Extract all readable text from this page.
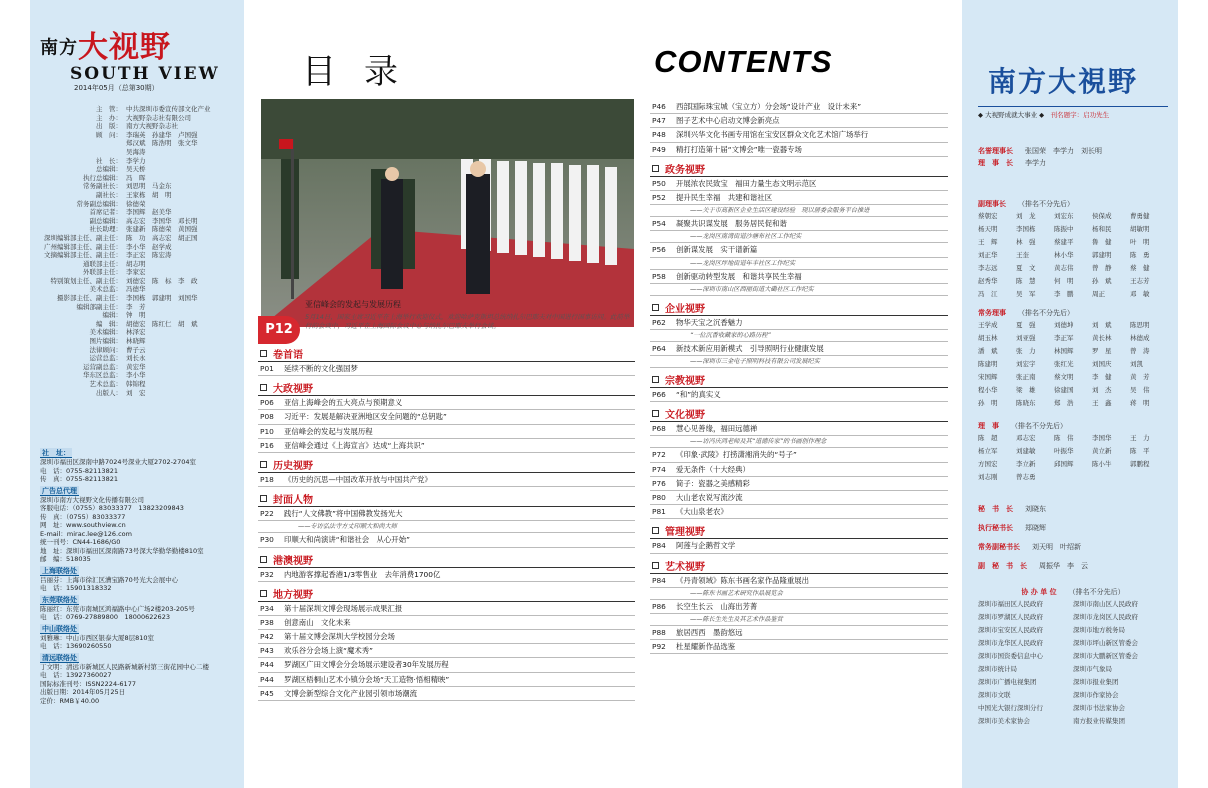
南方大视野
SOUTH VIEW
2014年05月（总第30期）
主　管： 中共深圳市委宣传部文化产业
主　办： 大视野杂志社有限公司
出　版： 南方大视野杂志社
顾　问： 李瑞英　孙建华　卢国强
郑汉斌　陈浩明　张文华
吴海涛
社　长： 李学力
总编辑： 吴天桥
执行总编辑： 冯　晖
常务副社长： 刘思明　马金东
副社长： 王家栋　胡　明
常务副总编辑： 徐德荣
首席记者： 李国辉　赵美华
副总编辑： 高志宏　李国华　邓长明
社长助理： 张建新　陈德荣　黄国强
深圳编辑部主任、副主任： 陈　功　高志宏　胡正国
广州编辑部主任、副主任： 李小华　赵学成
文摘编辑部主任、副主任： 李正宏　陈宏涛
通联部主任： 胡志明
外联部主任： 李家宏
特别策划主任、副主任： 刘德宏　陈　标　李　政
美术总监： 冯德华
摄影部主任、副主任： 李国栋　郭建明　刘国华
编辑部副主任： 李　芳
编辑： 钟　明
编　辑： 胡德宏　陈红仁　胡　斌
美术编辑： 林泽宏
图片编辑： 林晓辉
法律顾问： 曹子云
运营总监： 刘长永
运营副总监： 黄宏华
华东区总监： 李小华
艺术总监： 韩锦程
出版人： 刘　宏
社　址：
深圳市福田区深南中路7024号深业大厦2702-2704室
电　话：0755-82113821
传　真：0755-82113821
广告总代理
深圳市南方大视野文化传播有限公司
客服电话：（0755）83033377　13823209843
传　真：（0755）83033377
网　址：www.southview.cn
E-mail：mirac.lee@126.com
统一刊号：CN44-1686/G0
地　址：深圳市福田区深南路73号深大华勤华勤楼810室
邮　编：518035
上海联络处
吕丽芬：上海市徐汇区漕宝路70号光大会展中心
电　话：15901318332
东莞联络处
陈丽红：东莞市南城区鸿福路中心广场2楼203-205号
电　话：0769-27889800　18000622623
中山联络处
刘雅琳：中山市西区银泰大厦8层810室
电　话：13690260550
清远联络处
丁文明：清远市新城区人民路新城新村第三街花园中心二楼
电　话：13927360027
国际标准刊号：ISSN2224-6177
出版日期：2014年05月25日
定价：RMB￥40.00
目录	CONTENTS
P12
亚信峰会的发起与发展历程
5月14日，国家主席习近平在上海举行欢迎仪式，欢迎哈萨克斯坦总统纳扎尔巴耶夫对中国进行国事访问。此前举行的会谈中，习近平在上海国际会议中心与纳扎尔巴耶夫举行会谈。
卷首语
P01	延续不断的文化强国梦
大政视野
P06	亚信上海峰会的五大亮点与预期意义
P08	习近平：发展是解决亚洲地区安全问题的“总钥匙”
P10	亚信峰会的发起与发展历程
P16	亚信峰会通过《上海宣言》达成“上海共识”
历史视野
P18	《历史的沉思—中国改革开放与中国共产党》
封面人物
P22	践行“人文佛教”将中国佛教发扬光大
——专访弘法寺方丈印顺大和尚大师
P30	印顺大和尚演讲“和谐社会　从心开始”
港澳视野
P32	内地游客撑起香港1/3零售业　去年消费1700亿
地方视野
P34	第十届深圳文博会现场展示成果汇报
P38	创意南山　文化未来
P42	第十届文博会深圳大学校园分会场
P43	欢乐谷分会场上演“魔术秀”
P44	罗湖区广田文博会分会场展示建设者30年发展历程
P44	罗湖区梧桐山艺术小镇分会场“天工造物·悟相精映”
P45	文博会新型综合文化产业园引领市场潮流
P46	西部国际珠宝城（宝立方）分会场“设计产业　设计未来”
P47	图子艺术中心启动文博会新亮点
P48	深圳兴华文化书画专用馆在宝安区群众文化艺术馆广场举行
P49	精打打造第十届“文博会”唯一瓷器专场
政务视野
P50	开展浓农民致宝　福田力量生态文明示范区
P52	提升民生幸福　共建和谐社区
——关于市高新区企业生活区建设经验　现以居委会服务平台推进
P54	凝聚共识谋发展　服务居民促和谐
——龙岗区南湾街道沙塘布社区工作纪实
P56	创新谋发展　实干谱新篇
——龙岗区坪地街道年丰社区工作纪实
P58	创新驱动转型发展　和谐共享民生幸福
——深圳市南山区西丽街道大磡社区工作纪实
企业视野
P62	物华天宝之沉香魅力
“一位沉香收藏家的心路历程”
P64	新技术新应用新模式　引导照明行业健康发展
——深圳市三金电子照明科技有限公司发展纪实
宗教视野
P66	“和”的真实义
文化视野
P68	慧心见善缘，福田远德禅
——访冯庆鸿老师及其“道德传家”的书画创作理念
P72	《印象·武陵》打捞潇湘消失的“号子”
P74	爱无条件（十大经典）
P76	简子：瓷器之美感精彩
P80	大山老农说写流沙流
P81	《大山泉老农》
管理视野
P84	阿莲与企鹅哲文学
艺术视野
P84	《丹青领域》陈东书画名家作品隆重展出
——陈东书画艺术研究作品展览会
P86	长空生长云　山海出芳菁
——陈长生先生及其艺术作品鉴赏
P88	旅居西西　墨韵悠远
P92	杜星耀新作品选鉴
南方大視野
◆ 大视野成就大事业 ◆　 刊名题字：启功先生
名誉理事长 张国荣　李学力　刘长明
理　事　长 李学力
副理事长 （排名不分先后）
蔡朝宏	刘　龙	刘宏东	侯保成	曹勇健
杨天明	李国栋	陈振中	杨和民	胡敏明
王　辉	林　强	蔡建平	鲁　健	叶　明
刘正华	王奎	林小华	郭建明	陈　勇
李志远	夏　文	黄志伟	曾　静	蔡　健
赵秀华	陈　慧	何　明	孙　斌	王志芳
冯　江	吴　军	李　鹏	周正	邓　敏
常务理事 （排名不分先后）
王学成	夏　强	刘德坤	刘　斌	陈思明
胡玉林	刘亚强	李正军	黄长林	林德成
潘　斌	张　力	林国辉	罗　星	曾　涛
陈建明	刘宏宇	张红光	刘国庆	刘凯
宋国辉	张正南	蔡文明	李　健	黄　芳
程小华	梁　雄	徐建国	刘　杰	吴　伟
孙　明	陈晓东	郑　浩	王　鑫	蒋　明
理　事 （排名不分先后）
陈　超	邓志宏	陈　伟	李国华	王　力
杨立军	刘建敏	叶振华	黄立新	陈　平
方国宏	李立新	邱国辉	陈小牛	郭鹏程
刘志刚	曾志勇
秘　书　长 刘晓东
执行秘书长 郑晓辉
常务副秘书长 刘天明　叶绍新
副　秘　书　长 周振华　李　云
协 办 单 位 （排名不分先后）
深圳市福田区人民政府	深圳市南山区人民政府
深圳市罗湖区人民政府	深圳市龙岗区人民政府
深圳市宝安区人民政府	深圳市地方税务局
深圳市龙华区人民政府	深圳市坪山新区管委会
深圳市国资委信息中心	深圳市大鹏新区管委会
深圳市统计局	深圳市气象局
深圳市广播电视集团	深圳市报业集团
深圳市文联	深圳市作家协会
中国光大银行深圳分行	深圳市书法家协会
深圳市美术家协会	南方报业传媒集团
